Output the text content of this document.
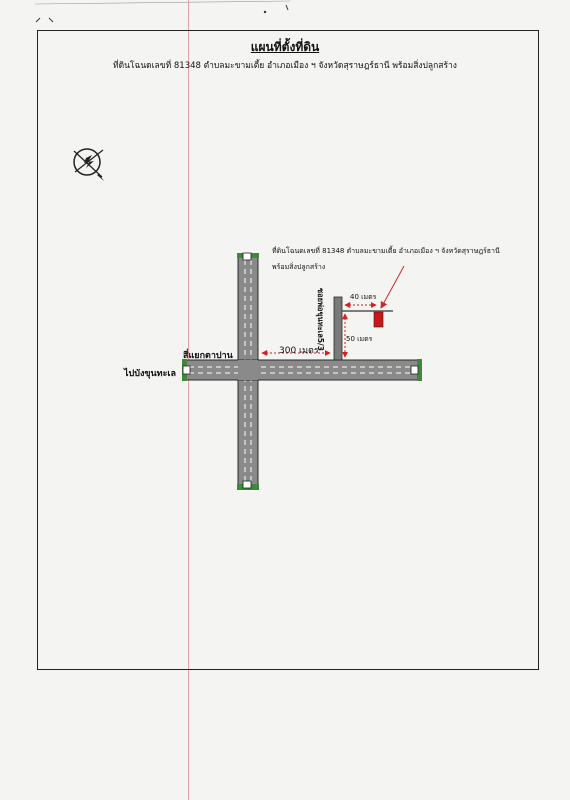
แผนที่ตั้งที่ดิน
ที่ดินโฉนดเลขที่ 81348 ตำบลมะขามเตี้ย อำเภอเมือง ฯ จังหวัดสุราษฎร์ธานี พร้อมสิ่งปลูกสร้าง
ที่ดินโฉนดเลขที่ 81348 ตำบลมะขามเตี้ย อำเภอเมือง ฯ จังหวัดสุราษฎร์ธานี
พร้อมสิ่งปลูกสร้าง
40 เมตร
50 เมตร
300 เมตร
สี่แยกตาปาน
ไปบังขุนทะเล
ซอยพ่อขุนทะเล5/3
